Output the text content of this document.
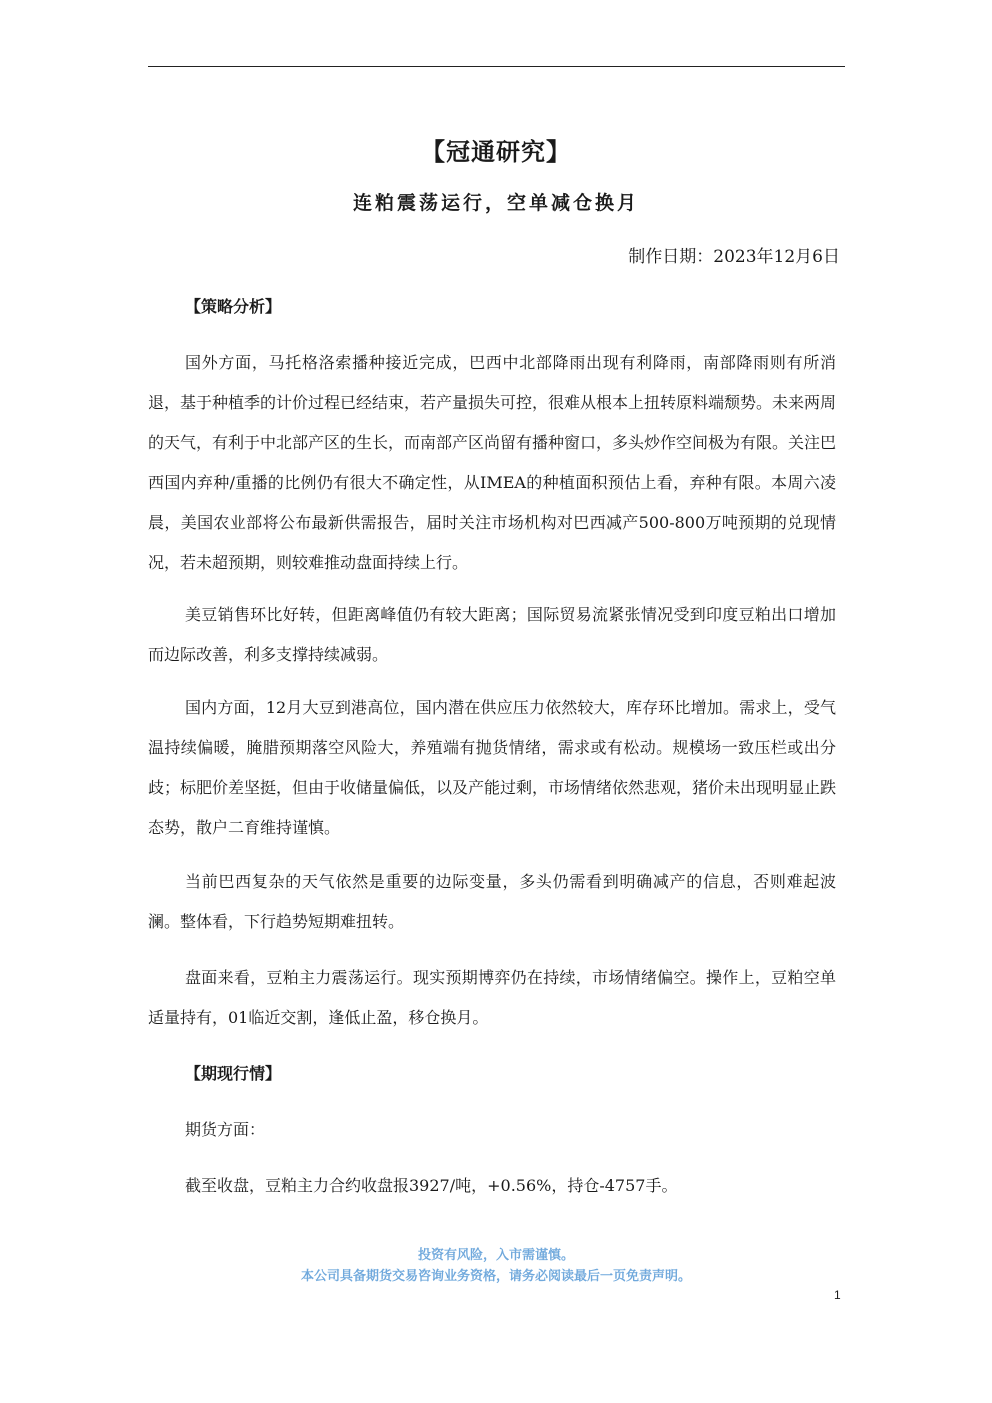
【冠通研究】
连粕震荡运行，空单减仓换月
制作日期：2023年12月6日
【策略分析】
国外方面，马托格洛索播种接近完成，巴西中北部降雨出现有利降雨，南部降雨则有所消退，基于种植季的计价过程已经结束，若产量损失可控，很难从根本上扭转原料端颓势。未来两周的天气，有利于中北部产区的生长，而南部产区尚留有播种窗口，多头炒作空间极为有限。关注巴西国内弃种/重播的比例仍有很大不确定性，从IMEA的种植面积预估上看，弃种有限。本周六凌晨，美国农业部将公布最新供需报告，届时关注市场机构对巴西减产500-800万吨预期的兑现情况，若未超预期，则较难推动盘面持续上行。
美豆销售环比好转，但距离峰值仍有较大距离；国际贸易流紧张情况受到印度豆粕出口增加而边际改善，利多支撑持续减弱。
国内方面，12月大豆到港高位，国内潜在供应压力依然较大，库存环比增加。需求上，受气温持续偏暖，腌腊预期落空风险大，养殖端有抛货情绪，需求或有松动。规模场一致压栏或出分歧；标肥价差坚挺，但由于收储量偏低，以及产能过剩，市场情绪依然悲观，猪价未出现明显止跌态势，散户二育维持谨慎。
当前巴西复杂的天气依然是重要的边际变量，多头仍需看到明确减产的信息，否则难起波澜。整体看，下行趋势短期难扭转。
盘面来看，豆粕主力震荡运行。现实预期博弈仍在持续，市场情绪偏空。操作上，豆粕空单适量持有，01临近交割，逢低止盈，移仓换月。
【期现行情】
期货方面：
截至收盘，豆粕主力合约收盘报3927/吨，+0.56%，持仓-4757手。
投资有风险，入市需谨慎。
本公司具备期货交易咨询业务资格，请务必阅读最后一页免责声明。
1
